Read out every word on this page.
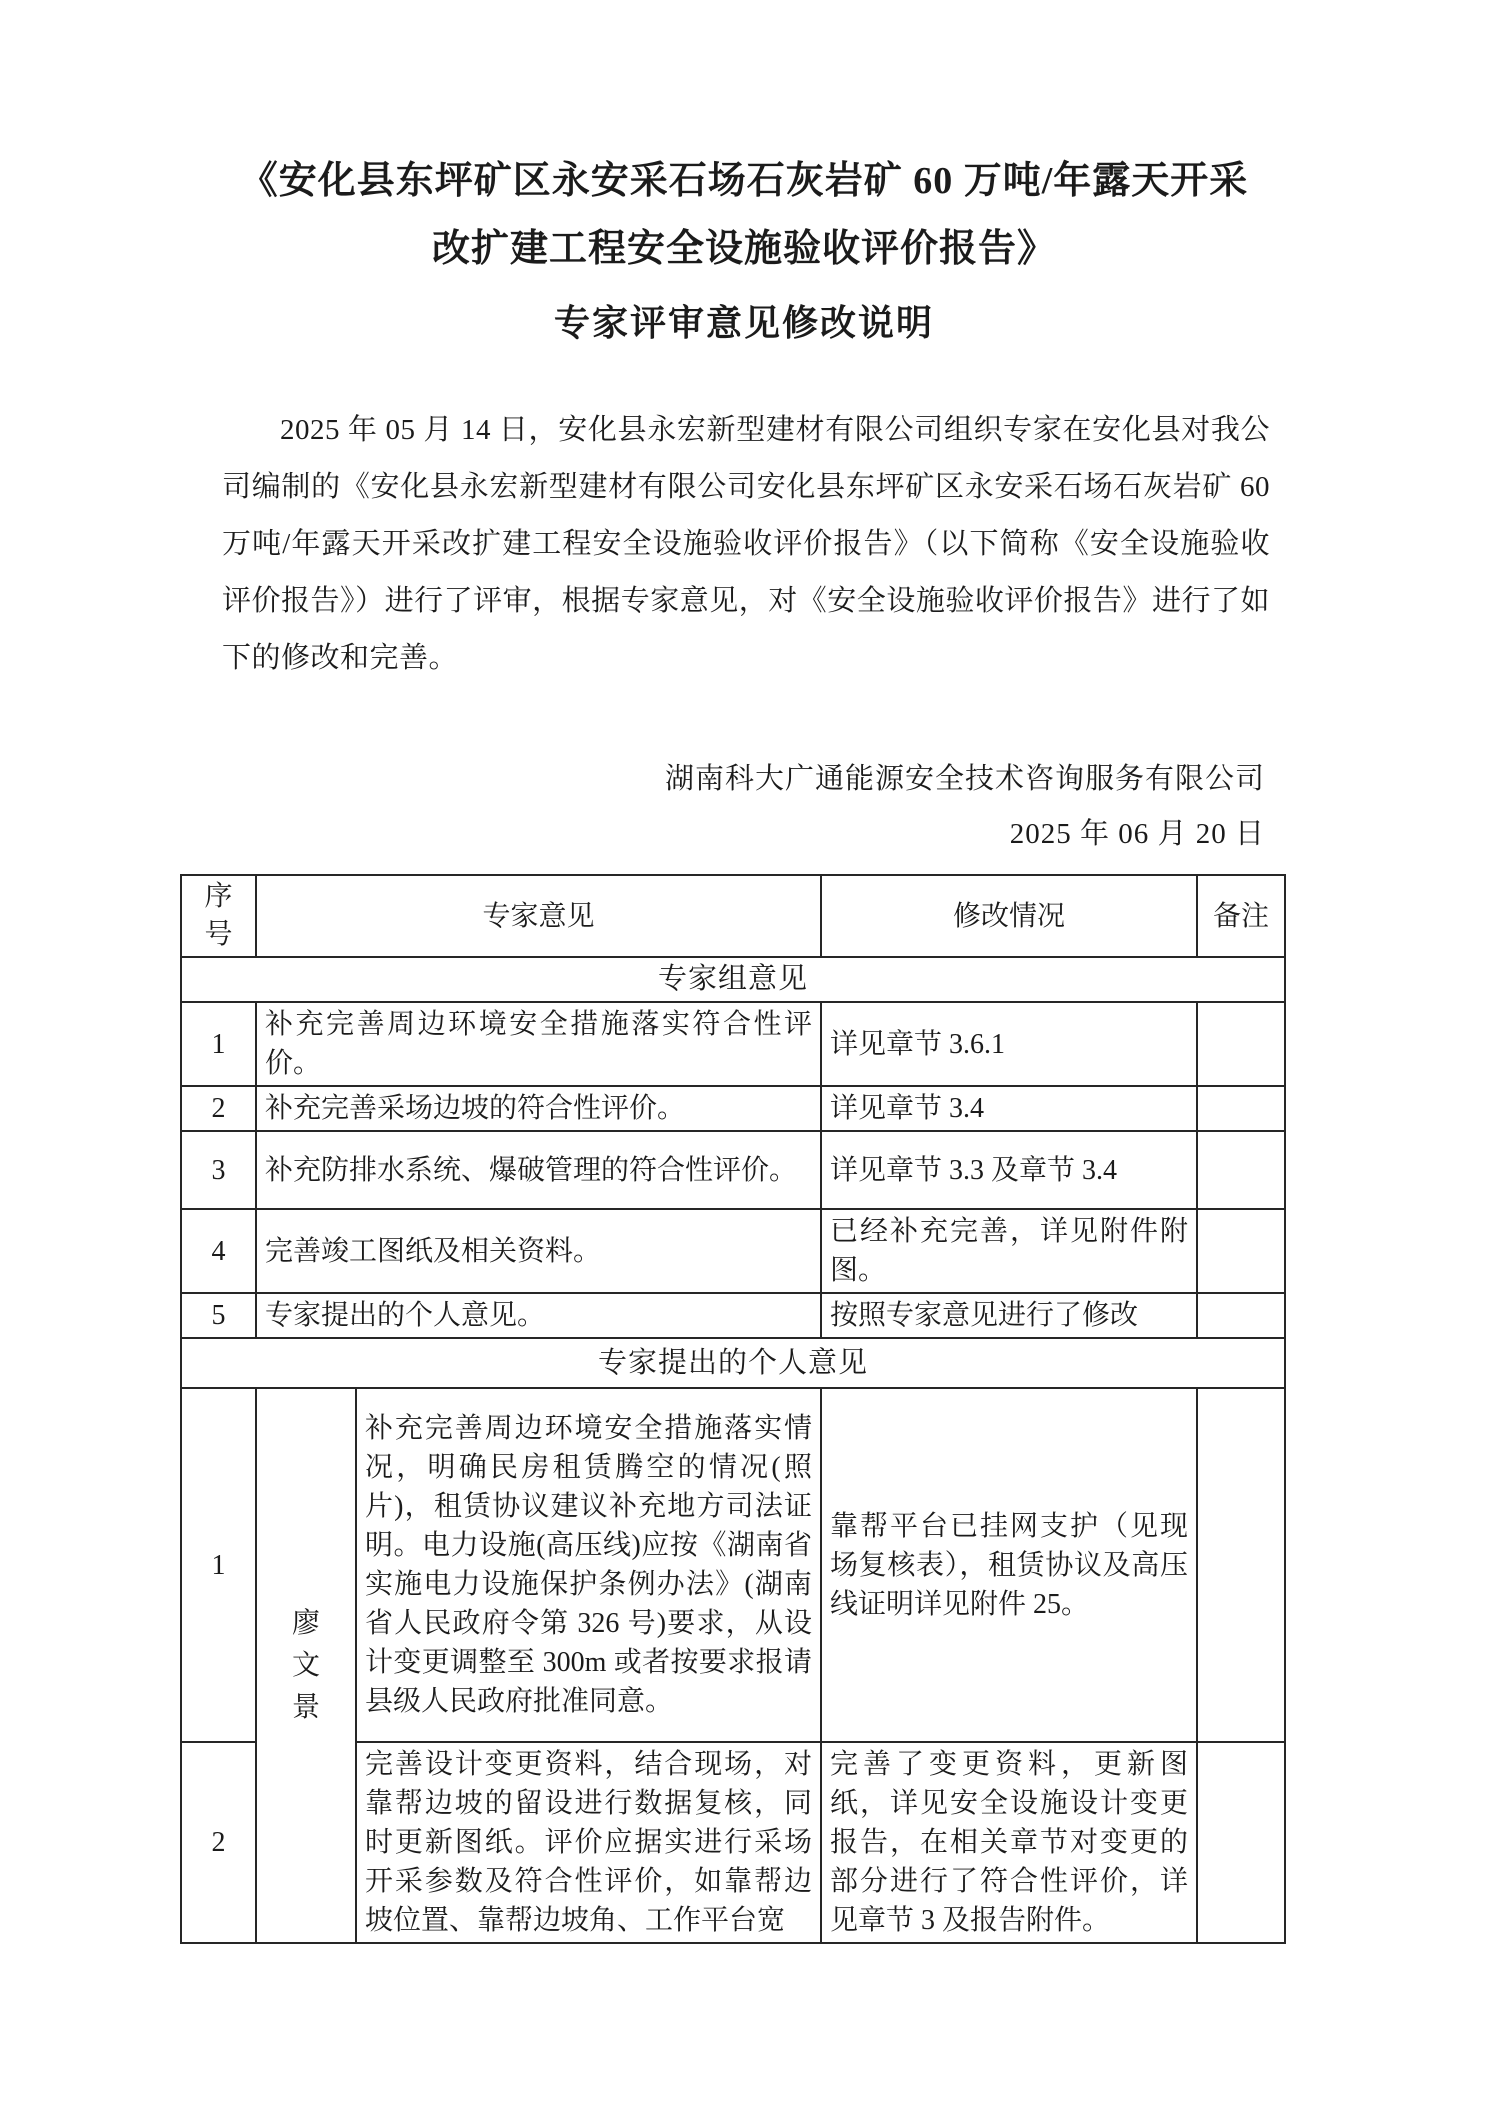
《安化县东坪矿区永安采石场石灰岩矿 60 万吨/年露天开采
改扩建工程安全设施验收评价报告》
专家评审意见修改说明
2025 年 05 月 14 日，安化县永宏新型建材有限公司组织专家在安化县对我公司编制的《安化县永宏新型建材有限公司安化县东坪矿区永安采石场石灰岩矿 60 万吨/年露天开采改扩建工程安全设施验收评价报告》（以下简称《安全设施验收评价报告》）进行了评审，根据专家意见，对《安全设施验收评价报告》进行了如下的修改和完善。
湖南科大广通能源安全技术咨询服务有限公司
2025 年 06 月 20 日
序号	专家意见		修改情况	备注
专家组意见				
1	补充完善周边环境安全措施落实符合性评价。		详见章节 3.6.1	
2	补充完善采场边坡的符合性评价。		详见章节 3.4	
3	补充防排水系统、爆破管理的符合性评价。		详见章节 3.3 及章节 3.4	
4	完善竣工图纸及相关资料。		已经补充完善，详见附件附图。	
5	专家提出的个人意见。		按照专家意见进行了修改	
专家提出的个人意见				
1	廖文景	补充完善周边环境安全措施落实情况，明确民房租赁腾空的情况(照片)，租赁协议建议补充地方司法证明。电力设施(高压线)应按《湖南省实施电力设施保护条例办法》(湖南省人民政府令第 326 号)要求，从设计变更调整至 300m 或者按要求报请县级人民政府批准同意。	靠帮平台已挂网支护（见现场复核表），租赁协议及高压线证明详见附件 25。	
2		完善设计变更资料，结合现场，对靠帮边坡的留设进行数据复核，同时更新图纸。评价应据实进行采场开采参数及符合性评价，如靠帮边坡位置、靠帮边坡角、工作平台宽	完善了变更资料，更新图纸，详见安全设施设计变更报告，在相关章节对变更的部分进行了符合性评价，详见章节 3 及报告附件。	
